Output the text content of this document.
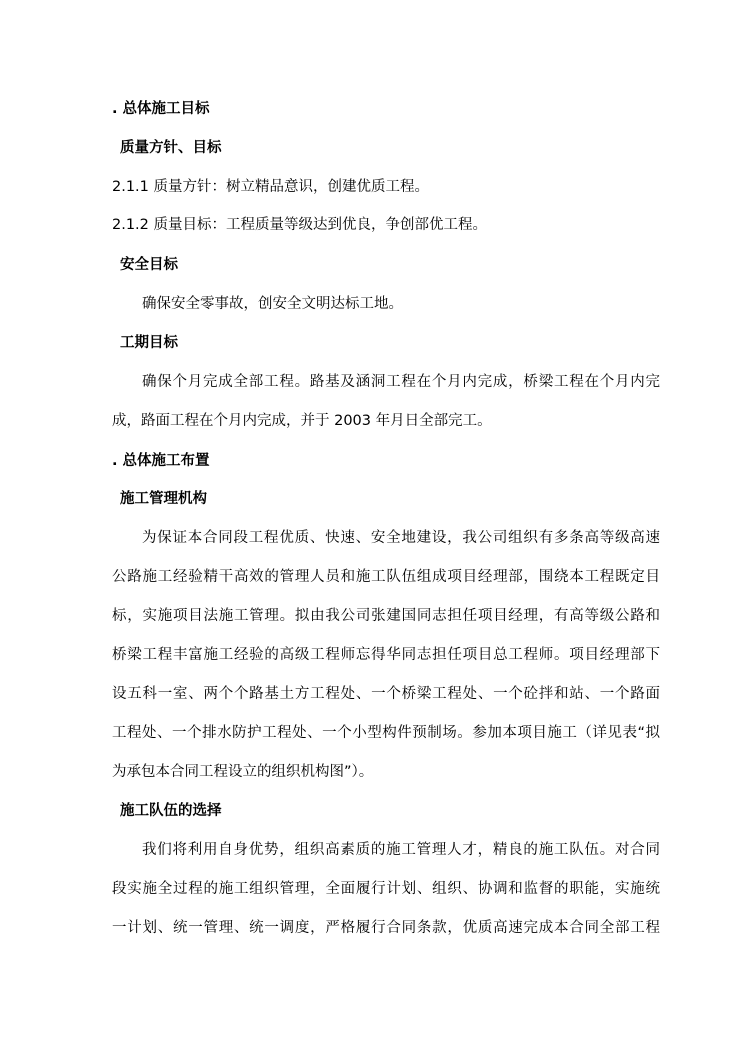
. 总体施工目标
质量方针、目标
2.1.1 质量方针：树立精品意识，创建优质工程。
2.1.2 质量目标：工程质量等级达到优良，争创部优工程。
安全目标
确保安全零事故，创安全文明达标工地。
工期目标
确保个月完成全部工程。路基及涵洞工程在个月内完成，桥梁工程在个月内完
成，路面工程在个月内完成，并于 2003 年月日全部完工。
. 总体施工布置
施工管理机构
为保证本合同段工程优质、快速、安全地建设，我公司组织有多条高等级高速
公路施工经验精干高效的管理人员和施工队伍组成项目经理部，围绕本工程既定目
标，实施项目法施工管理。拟由我公司张建国同志担任项目经理，有高等级公路和
桥梁工程丰富施工经验的高级工程师忘得华同志担任项目总工程师。项目经理部下
设五科一室、两个个路基土方工程处、一个桥梁工程处、一个砼拌和站、一个路面
工程处、一个排水防护工程处、一个小型构件预制场。参加本项目施工（详见表“拟
为承包本合同工程设立的组织机构图”）。
施工队伍的选择
我们将利用自身优势，组织高素质的施工管理人才，精良的施工队伍。对合同
段实施全过程的施工组织管理，全面履行计划、组织、协调和监督的职能，实施统
一计划、统一管理、统一调度，严格履行合同条款，优质高速完成本合同全部工程
